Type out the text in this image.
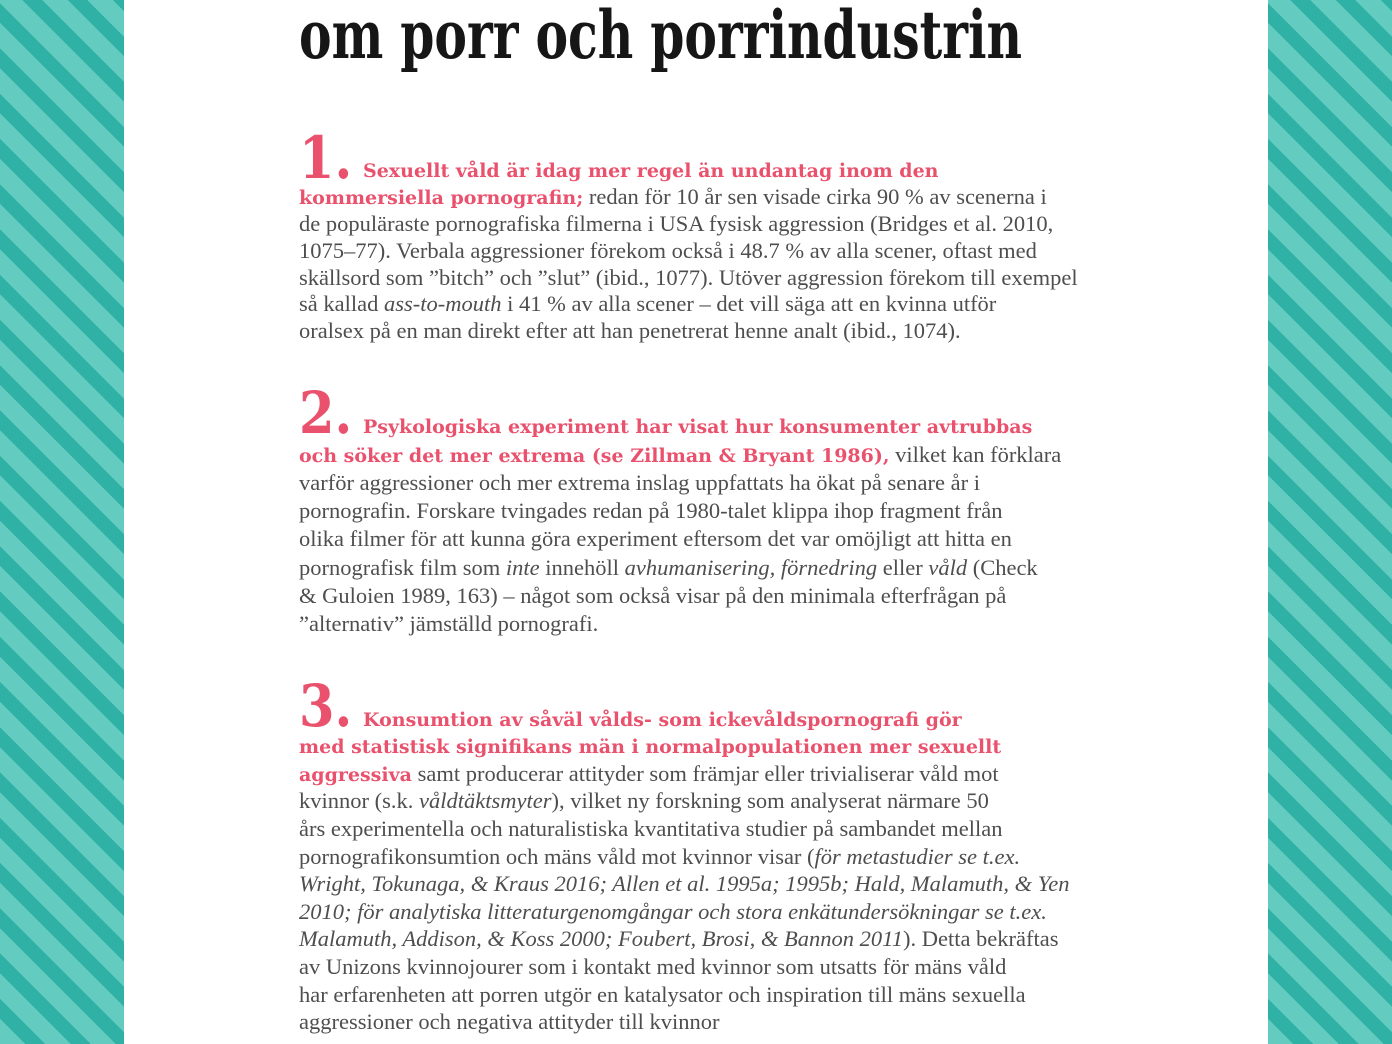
om porr och porrindustrin
1. Sexuellt våld är idag mer regel än undantag inom den
kommersiella pornografin; redan för 10 år sen visade cirka 90 % av scenerna i
de populäraste pornografiska filmerna i USA fysisk aggression (Bridges et al. 2010,
1075–77). Verbala aggressioner förekom också i 48.7 % av alla scener, oftast med
skällsord som ”bitch” och ”slut” (ibid., 1077). Utöver aggression förekom till exempel
så kallad ass-to-mouth i 41 % av alla scener – det vill säga att en kvinna utför
oralsex på en man direkt efter att han penetrerat henne analt (ibid., 1074).
2. Psykologiska experiment har visat hur konsumenter avtrubbas
och söker det mer extrema (se Zillman & Bryant 1986), vilket kan förklara
varför aggressioner och mer extrema inslag uppfattats ha ökat på senare år i
pornografin. Forskare tvingades redan på 1980-talet klippa ihop fragment från
olika filmer för att kunna göra experiment eftersom det var omöjligt att hitta en
pornografisk film som inte innehöll avhumanisering, förnedring eller våld (Check
& Guloien 1989, 163) – något som också visar på den minimala efterfrågan på
”alternativ” jämställd pornografi.
3. Konsumtion av såväl vålds- som ickevåldspornografi gör
med statistisk signifikans män i normalpopulationen mer sexuellt
aggressiva samt producerar attityder som främjar eller trivialiserar våld mot
kvinnor (s.k. våldtäktsmyter), vilket ny forskning som analyserat närmare 50
års experimentella och naturalistiska kvantitativa studier på sambandet mellan
pornografikonsumtion och mäns våld mot kvinnor visar (för metastudier se t.ex.
Wright, Tokunaga, & Kraus 2016; Allen et al. 1995a; 1995b; Hald, Malamuth, & Yen
2010; för analytiska litteraturgenomgångar och stora enkätundersökningar se t.ex.
Malamuth, Addison, & Koss 2000; Foubert, Brosi, & Bannon 2011). Detta bekräftas
av Unizons kvinnojourer som i kontakt med kvinnor som utsatts för mäns våld
har erfarenheten att porren utgör en katalysator och inspiration till mäns sexuella
aggressioner och negativa attityder till kvinnor
